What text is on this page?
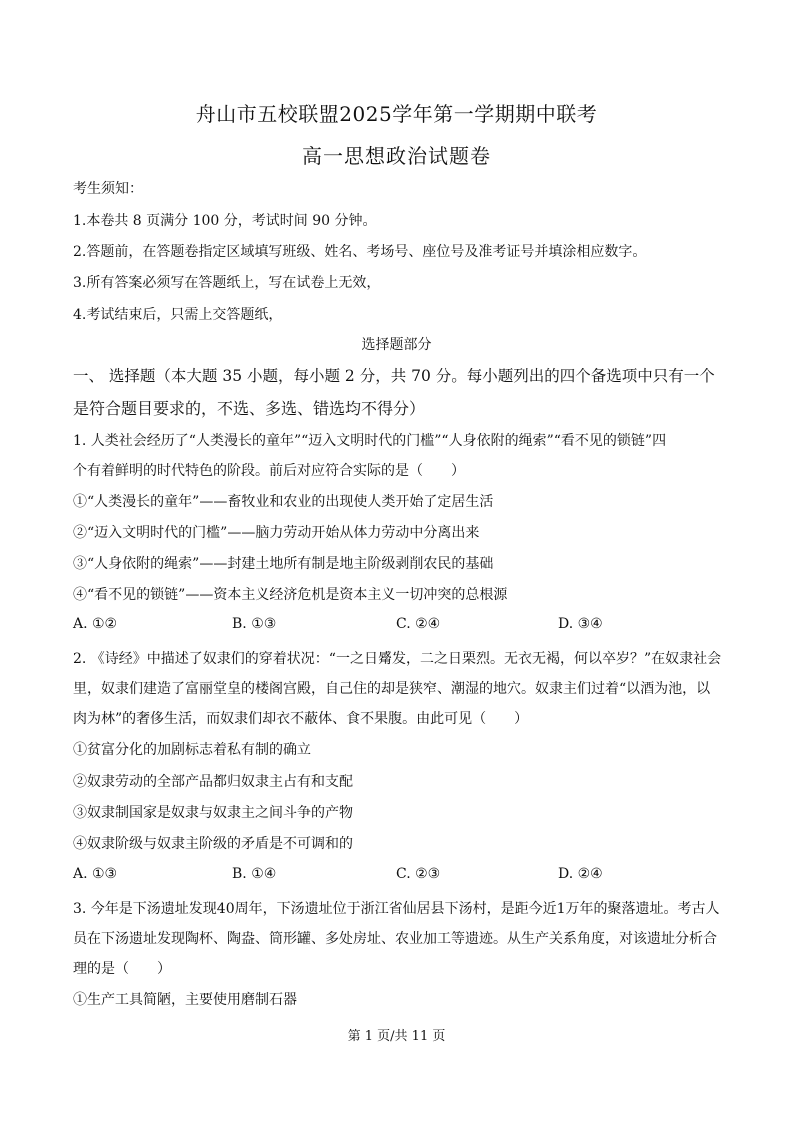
舟山市五校联盟2025学年第一学期期中联考
高一思想政治试题卷
考生须知：
1.本卷共 8 页满分 100 分，考试时间 90 分钟。
2.答题前，在答题卷指定区域填写班级、姓名、考场号、座位号及准考证号并填涂相应数字。
3.所有答案必须写在答题纸上，写在试卷上无效，
4.考试结束后，只需上交答题纸，
选择题部分
一、 选择题（本大题 35 小题，每小题 2 分，共 70 分。每小题列出的四个备选项中只有一个
是符合题目要求的，不选、多选、错选均不得分）
1. 人类社会经历了“人类漫长的童年”“迈入文明时代的门槛”“人身依附的绳索”“看不见的锁链”四
个有着鲜明的时代特色的阶段。前后对应符合实际的是（　　）
①“人类漫长的童年”——畜牧业和农业的出现使人类开始了定居生活
②“迈入文明时代的门槛”——脑力劳动开始从体力劳动中分离出来
③“人身依附的绳索”——封建土地所有制是地主阶级剥削农民的基础
④“看不见的锁链”——资本主义经济危机是资本主义一切冲突的总根源
A. ①②	B. ①③	C. ②④	D. ③④
2. 《诗经》中描述了奴隶们的穿着状况：“一之日觱发，二之日栗烈。无衣无褐，何以卒岁？”在奴隶社会
里，奴隶们建造了富丽堂皇的楼阁宫殿，自己住的却是狭窄、潮湿的地穴。奴隶主们过着“以酒为池，以
肉为林”的奢侈生活，而奴隶们却衣不蔽体、食不果腹。由此可见（　　）
①贫富分化的加剧标志着私有制的确立
②奴隶劳动的全部产品都归奴隶主占有和支配
③奴隶制国家是奴隶与奴隶主之间斗争的产物
④奴隶阶级与奴隶主阶级的矛盾是不可调和的
A. ①③	B. ①④	C. ②③	D. ②④
3. 今年是下汤遗址发现40周年，下汤遗址位于浙江省仙居县下汤村，是距今近1万年的聚落遗址。考古人
员在下汤遗址发现陶杯、陶盎、筒形罐、多处房址、农业加工等遗迹。从生产关系角度，对该遗址分析合
理的是（　　）
①生产工具简陋，主要使用磨制石器
第 1 页/共 11 页
